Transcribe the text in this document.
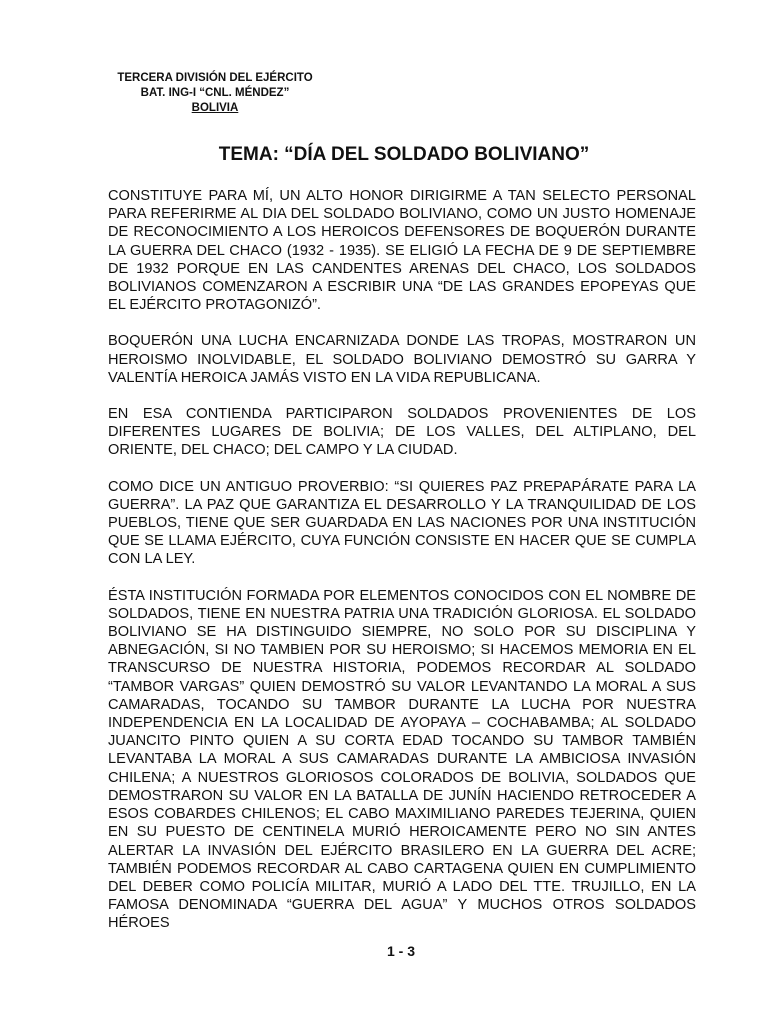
TERCERA DIVISIÓN DEL EJÉRCITO
BAT. ING-I “CNL. MÉNDEZ”
BOLIVIA
TEMA: “DÍA DEL SOLDADO BOLIVIANO”

CONSTITUYE PARA MÍ, UN ALTO HONOR DIRIGIRME A TAN SELECTO PERSONAL PARA REFERIRME AL DIA DEL SOLDADO BOLIVIANO, COMO UN JUSTO HOMENAJE DE RECONOCIMIENTO A LOS HEROICOS DEFENSORES DE BOQUERÓN DURANTE LA GUERRA DEL CHACO (1932 - 1935). SE ELIGIÓ LA FECHA DE 9 DE SEPTIEMBRE DE 1932 PORQUE EN LAS CANDENTES ARENAS DEL CHACO, LOS SOLDADOS BOLIVIANOS COMENZARON A ESCRIBIR UNA “DE LAS GRANDES EPOPEYAS QUE EL EJÉRCITO PROTAGONIZÓ”.

BOQUERÓN UNA LUCHA ENCARNIZADA DONDE LAS TROPAS, MOSTRARON UN HEROISMO INOLVIDABLE, EL SOLDADO BOLIVIANO DEMOSTRÓ SU GARRA Y VALENTÍA HEROICA JAMÁS VISTO EN LA VIDA REPUBLICANA.

EN ESA CONTIENDA PARTICIPARON SOLDADOS PROVENIENTES DE LOS DIFERENTES LUGARES DE BOLIVIA; DE LOS VALLES, DEL ALTIPLANO, DEL ORIENTE, DEL CHACO; DEL CAMPO Y LA CIUDAD.

COMO DICE UN ANTIGUO PROVERBIO: “SI QUIERES PAZ PREPAPÁRATE PARA LA GUERRA”. LA PAZ QUE GARANTIZA EL DESARROLLO Y LA TRANQUILIDAD DE LOS PUEBLOS, TIENE QUE SER GUARDADA EN LAS NACIONES POR UNA INSTITUCIÓN QUE SE LLAMA EJÉRCITO, CUYA FUNCIÓN CONSISTE EN HACER QUE SE CUMPLA CON LA LEY.

ÉSTA INSTITUCIÓN FORMADA POR ELEMENTOS CONOCIDOS CON EL NOMBRE DE SOLDADOS, TIENE EN NUESTRA PATRIA UNA TRADICIÓN GLORIOSA. EL SOLDADO BOLIVIANO SE HA DISTINGUIDO SIEMPRE, NO SOLO POR SU DISCIPLINA Y ABNEGACIÓN, SI NO TAMBIEN POR SU HEROISMO; SI HACEMOS MEMORIA EN EL TRANSCURSO DE NUESTRA HISTORIA, PODEMOS RECORDAR AL SOLDADO “TAMBOR VARGAS” QUIEN DEMOSTRÓ SU VALOR LEVANTANDO LA MORAL A SUS CAMARADAS, TOCANDO SU TAMBOR DURANTE LA LUCHA POR NUESTRA INDEPENDENCIA EN LA LOCALIDAD DE AYOPAYA – COCHABAMBA; AL SOLDADO JUANCITO PINTO QUIEN A SU CORTA EDAD TOCANDO SU TAMBOR TAMBIÉN LEVANTABA LA MORAL A SUS CAMARADAS DURANTE LA AMBICIOSA INVASIÓN CHILENA; A NUESTROS GLORIOSOS COLORADOS DE BOLIVIA, SOLDADOS QUE DEMOSTRARON SU VALOR EN LA BATALLA DE JUNÍN HACIENDO RETROCEDER A ESOS COBARDES CHILENOS; EL CABO MAXIMILIANO PAREDES TEJERINA, QUIEN EN SU PUESTO DE CENTINELA MURIÓ HEROICAMENTE PERO NO SIN ANTES ALERTAR LA INVASIÓN DEL EJÉRCITO BRASILERO EN LA GUERRA DEL ACRE; TAMBIÉN PODEMOS RECORDAR AL CABO CARTAGENA QUIEN EN CUMPLIMIENTO DEL DEBER COMO POLICÍA MILITAR, MURIÓ A LADO DEL TTE. TRUJILLO, EN LA FAMOSA DENOMINADA “GUERRA DEL AGUA” Y MUCHOS OTROS SOLDADOS HÉROES

1 - 3
